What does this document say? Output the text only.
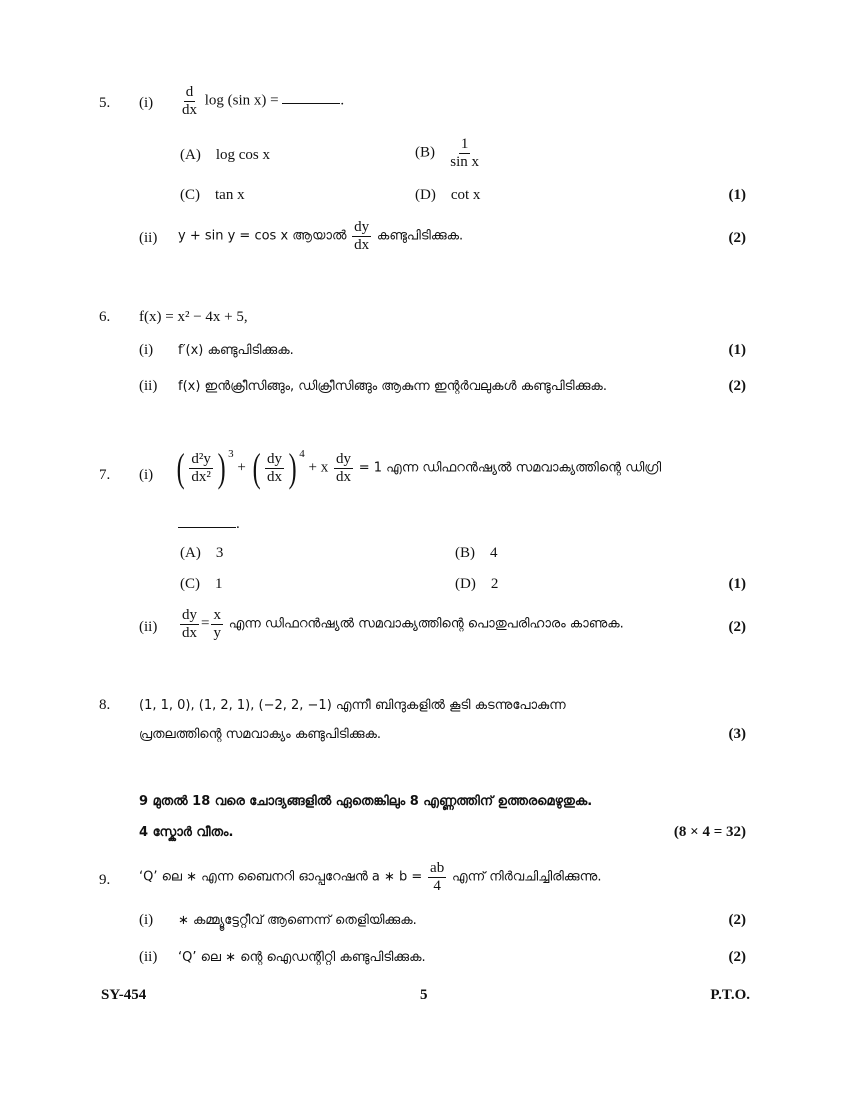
5. $(i) \frac{d}{dx}$ log (sin x) =	.
(A) log cos x	$(B) \frac{1}{\text{sin x}}$
(C) tan x	(D) cot x	(1)
(ii) y + sin y = cos x ആയാൽ $\frac{dy}{dx}$ കണ്ടുപിടിക്കുക.	(2)
6. f(x) = x² − 4x + 5,
(i) f′(x) കണ്ടുപിടിക്കുക.	(1)
(ii) f(x) ഇൻക്രീസിങ്ങും, ഡിക്രീസിങ്ങും ആകുന്ന ഇന്റർവലുകൾ കണ്ടുപിടിക്കുക.	(2)
7. (i) ( $\frac{\text{d²y}}{\text{dx²}} )^3$
+ ( $\frac{dy}{dx} )^4$
+ x $\frac{dy}{dx} = 1$ എന്ന ഡിഫറൻഷ്യൽ സമവാക്യത്തിന്റെ ഡിഗ്രി
.
(A) 3	(B) 4
(C) 1	(D) 2	(1)
$(ii) \frac{dy}{dx} = \frac{x}{y}$ എന്ന ഡിഫറൻഷ്യൽ സമവാക്യത്തിന്റെ പൊതുപരിഹാരം കാണുക.	(2)
8. (1, 1, 0), (1, 2, 1), (−2, 2, −1) എന്നീ ബിന്ദുകളിൽ കൂടി കടന്നുപോകുന്ന
പ്രതലത്തിന്റെ സമവാക്യം കണ്ടുപിടിക്കുക.	(3)
9 മുതൽ 18 വരെ ചോദ്യങ്ങളിൽ ഏതെങ്കിലും 8 എണ്ണത്തിന് ഉത്തരമെഴുതുക.
4 സ്കോർ വീതം.	(8 × 4 = 32)
9. ‘Q’ ലെ ∗ എന്ന ബൈനറി ഓപ്പറേഷൻ a ∗ $b = \frac{ab}{4}$ എന്ന് നിർവചിച്ചിരിക്കുന്നു.
(i) ∗ കമ്മ്യൂട്ടേറ്റീവ് ആണെന്ന് തെളിയിക്കുക.	(2)
(ii) ‘Q’ ലെ ∗ ന്റെ ഐഡന്റിറ്റി കണ്ടുപിടിക്കുക.	(2)
SY-454	5	P.T.O.
